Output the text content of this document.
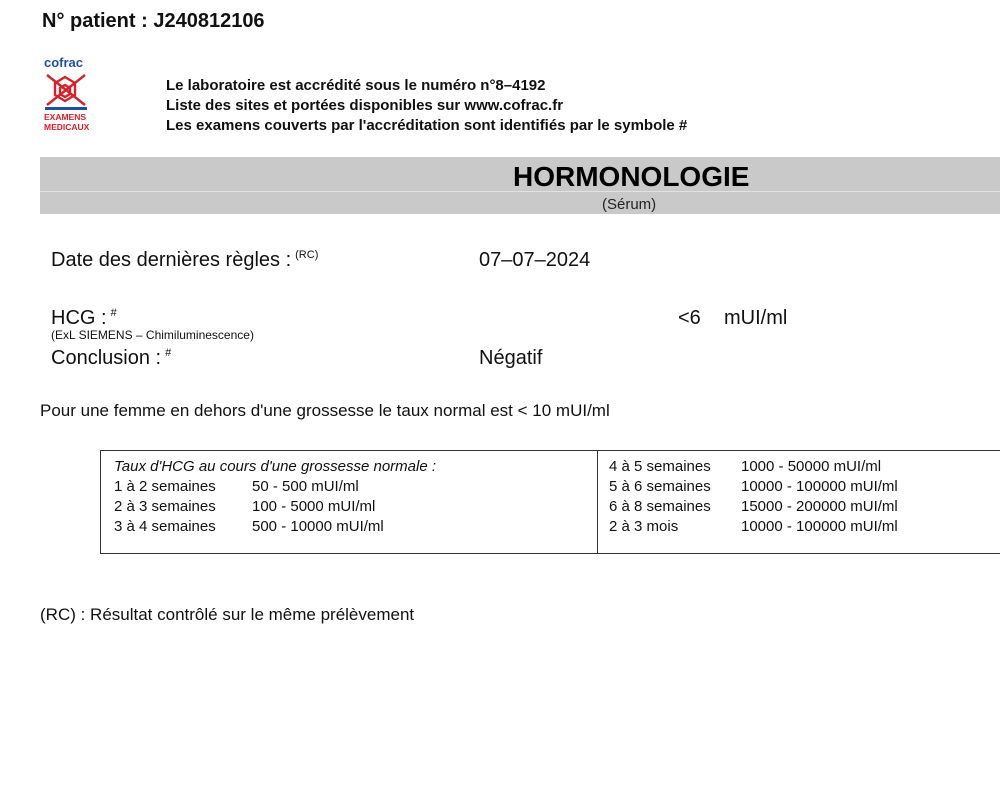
N° patient : J240812106
cofrac
EXAMENS
MEDICAUX
Le laboratoire est accrédité sous le numéro n°8–4192
Liste des sites et portées disponibles sur www.cofrac.fr
Les examens couverts par l'accréditation sont identifiés par le symbole #
HORMONOLOGIE
(Sérum)
Date des dernières règles : $^{(RC)}$	07–07–2024
HCG : #
(ExL SIEMENS – Chimiluminescence)
<6 mUI/ml
Conclusion : #	Négatif
Pour une femme en dehors d'une grossesse le taux normal est < 10 mUI/ml
Taux d'HCG au cours d'une grossesse normale :
1 à 2 semaines 50 - 500 mUI/ml
2 à 3 semaines 100 - 5000 mUI/ml
3 à 4 semaines 500 - 10000 mUI/ml
4 à 5 semaines 1000 - 50000 mUI/ml
5 à 6 semaines 10000 - 100000 mUI/ml
6 à 8 semaines 15000 - 200000 mUI/ml
2 à 3 mois	10000 - 100000 mUI/ml
(RC) : Résultat contrôlé sur le même prélèvement
